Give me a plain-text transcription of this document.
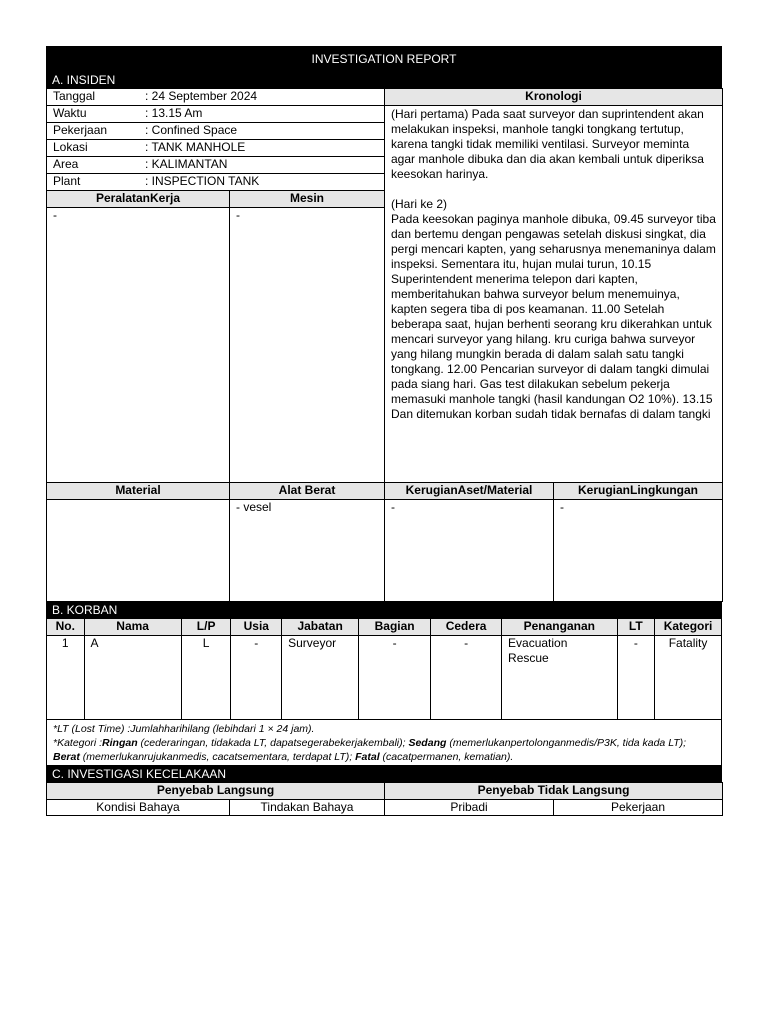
INVESTIGATION REPORT
A. INSIDEN
Tanggal	: 24 September 2024
Waktu	: 13.15 Am
Pekerjaan	: Confined Space
Lokasi	: TANK MANHOLE
Area	: KALIMANTAN
Plant	: INSPECTION TANK

Kronologi
(Hari pertama) Pada saat surveyor dan suprintendent akan melakukan inspeksi, manhole tangki tongkang tertutup, karena tangki tidak memiliki ventilasi. Surveyor meminta agar manhole dibuka dan dia akan kembali untuk diperiksa keesokan harinya.

(Hari ke 2)
Pada keesokan paginya manhole dibuka, 09.45 surveyor tiba dan bertemu dengan pengawas setelah diskusi singkat, dia pergi mencari kapten, yang seharusnya menemaninya dalam inspeksi. Sementara itu, hujan mulai turun, 10.15 Superintendent menerima telepon dari kapten, memberitahukan bahwa surveyor belum menemuinya, kapten segera tiba di pos keamanan. 11.00 Setelah beberapa saat, hujan berhenti seorang kru dikerahkan untuk mencari surveyor yang hilang. kru curiga bahwa surveyor yang hilang mungkin berada di dalam salah satu tangki tongkang. 12.00 Pencarian surveyor di dalam tangki dimulai pada siang hari. Gas test dilakukan sebelum pekerja memasuki manhole tangki (hasil kandungan O2 10%). 13.15 Dan ditemukan korban sudah tidak bernafas di dalam tangki

PeralatanKerja	Mesin
-	-
Material	Alat Berat	KerugianAset/Material	KerugianLingkungan
	- vesel	-	-
B. KORBAN
No.	Nama	L/P	Usia	Jabatan	Bagian	Cedera	Penanganan	LT	Kategori
1	A	L	-	Surveyor	-	-	Evacuation Rescue	-	Fatality
*LT (Lost Time) :Jumlahharihilang (lebihdari 1 × 24 jam).
*Kategori :Ringan (cederaringan, tidakada LT, dapatsegerabekerjakembali); Sedang (memerlukanpertolonganmedis/P3K, tida kada LT); Berat (memerlukanrujukanmedis, cacatsementara, terdapat LT); Fatal (cacatpermanen, kematian).
C. INVESTIGASI KECELAKAAN
Penyebab Langsung		Penyebab Tidak Langsung	
Kondisi Bahaya	Tindakan Bahaya	Pribadi	Pekerjaan
